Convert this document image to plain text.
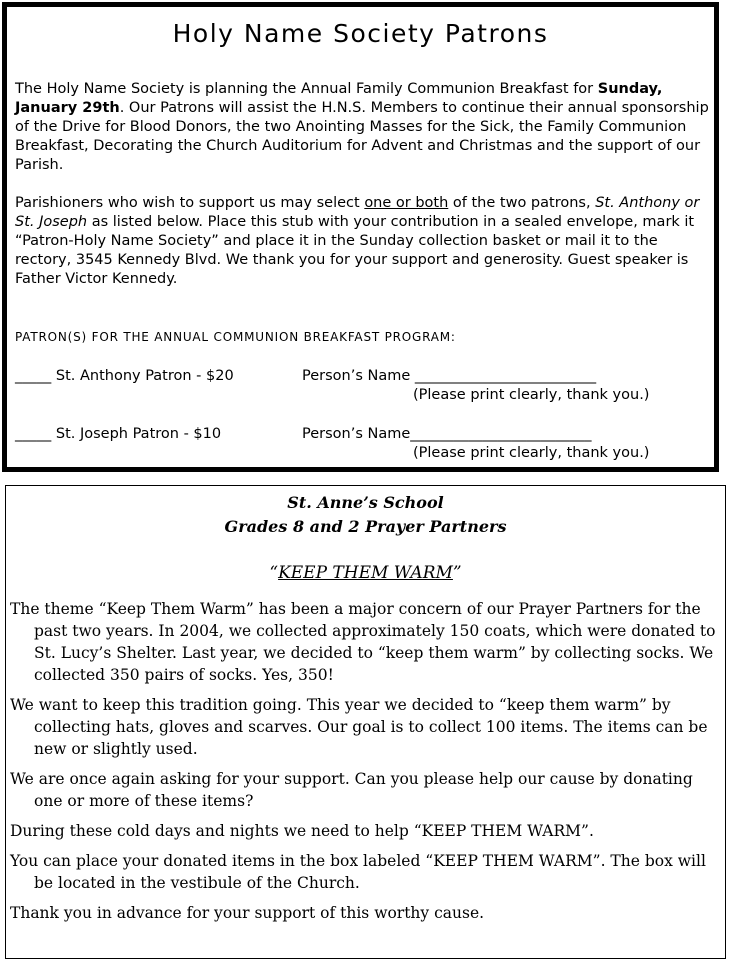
Holy Name Society Patrons

The Holy Name Society is planning the Annual Family Communion Breakfast for Sunday, January 29th. Our Patrons will assist the H.N.S. Members to continue their annual sponsorship of the Drive for Blood Donors, the two Anointing Masses for the Sick, the Family Communion Breakfast, Decorating the Church Auditorium for Advent and Christmas and the support of our Parish.

Parishioners who wish to support us may select one or both of the two patrons, St. Anthony or St. Joseph as listed below. Place this stub with your contribution in a sealed envelope, mark it “Patron-Holy Name Society” and place it in the Sunday collection basket or mail it to the rectory, 3545 Kennedy Blvd. We thank you for your support and generosity. Guest speaker is Father Victor Kennedy.

PATRON(S) FOR THE ANNUAL COMMUNION BREAKFAST PROGRAM:
_____ St. Anthony Patron - $20	Person’s Name _________________________
(Please print clearly, thank you.)
_____ St. Joseph Patron - $10	Person’s Name_________________________
(Please print clearly, thank you.)
St. Anne’s School
Grades 8 and 2 Prayer Partners
“KEEP THEM WARM”

The theme “Keep Them Warm” has been a major concern of our Prayer Partners for the past two years. In 2004, we collected approximately 150 coats, which were donated to St. Lucy’s Shelter. Last year, we decided to “keep them warm” by collecting socks. We collected 350 pairs of socks. Yes, 350!

We want to keep this tradition going. This year we decided to “keep them warm” by collecting hats, gloves and scarves. Our goal is to collect 100 items. The items can be new or slightly used.

We are once again asking for your support. Can you please help our cause by donating one or more of these items?

During these cold days and nights we need to help “KEEP THEM WARM”.

You can place your donated items in the box labeled “KEEP THEM WARM”. The box will be located in the vestibule of the Church.

Thank you in advance for your support of this worthy cause.
